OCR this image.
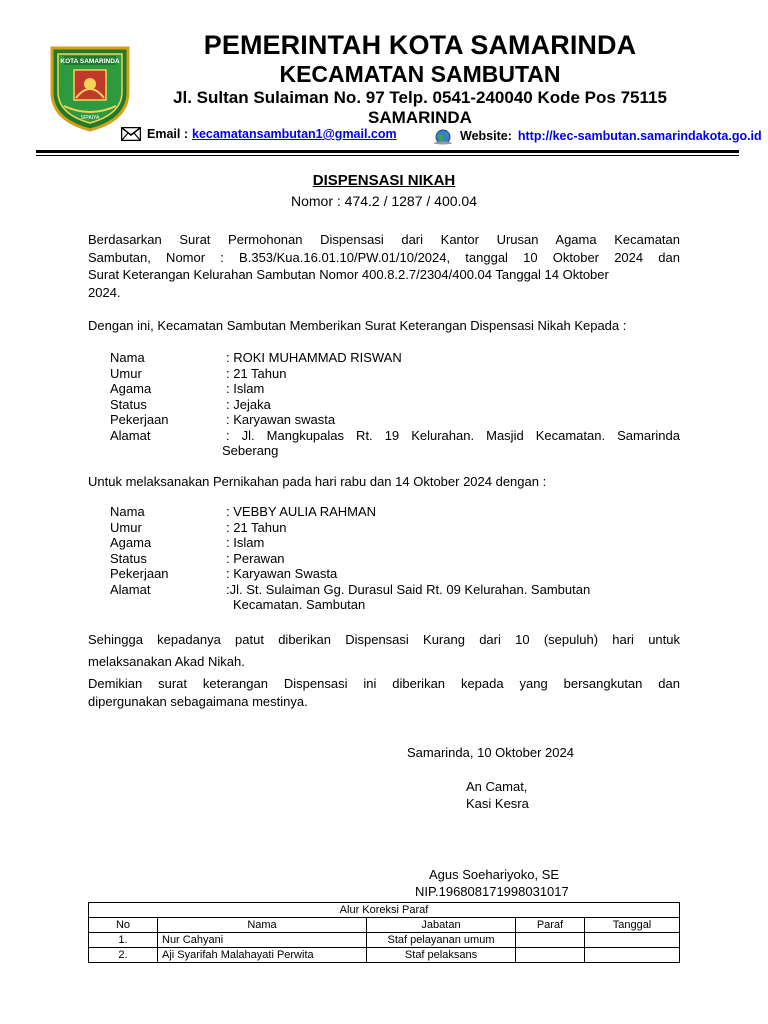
KOTA SAMARINDA
SIPAIYA
PEMERINTAH KOTA SAMARINDA
KECAMATAN SAMBUTAN
Jl. Sultan Sulaiman No. 97 Telp. 0541-240040 Kode Pos 75115
SAMARINDA
Email : kecamatansambutan1@gmail.com	Website: http://kec-sambutan.samarindakota.go.id
DISPENSASI NIKAH
Nomor : 474.2 / 1287 / 400.04
Berdasarkan Surat Permohonan Dispensasi dari Kantor Urusan Agama Kecamatan
Sambutan, Nomor : B.353/Kua.16.01.10/PW.01/10/2024, tanggal 10 Oktober 2024 dan
Surat Keterangan Kelurahan Sambutan Nomor 400.8.2.7/2304/400.04 Tanggal 14 Oktober
2024.
Dengan ini, Kecamatan Sambutan Memberikan Surat Keterangan Dispensasi Nikah Kepada :
Nama	: ROKI MUHAMMAD RISWAN
Umur	: 21 Tahun
Agama	: Islam
Status	: Jejaka
Pekerjaan	: Karyawan swasta
Alamat	: Jl. Mangkupalas Rt. 19 Kelurahan. Masjid Kecamatan. Samarinda
Seberang
Untuk melaksanakan Pernikahan pada hari rabu dan 14 Oktober 2024 dengan :
Nama	: VEBBY AULIA RAHMAN
Umur	: 21 Tahun
Agama	: Islam
Status	: Perawan
Pekerjaan	: Karyawan Swasta
Alamat	:Jl. St. Sulaiman Gg. Durasul Said Rt. 09 Kelurahan. Sambutan
Kecamatan. Sambutan
Sehingga kepadanya patut diberikan Dispensasi Kurang dari 10 (sepuluh) hari untuk
melaksanakan Akad Nikah.
Demikian surat keterangan Dispensasi ini diberikan kepada yang bersangkutan dan
dipergunakan sebagaimana mestinya.
Samarinda, 10 Oktober 2024
An Camat,
Kasi Kesra
Agus Soehariyoko, SE
NIP.196808171998031017
Alur Koreksi Paraf				
No	Nama	Jabatan	Paraf	Tanggal
1.	Nur Cahyani	Staf pelayanan umum		
2.	Aji Syarifah Malahayati Perwita	Staf pelaksans		
